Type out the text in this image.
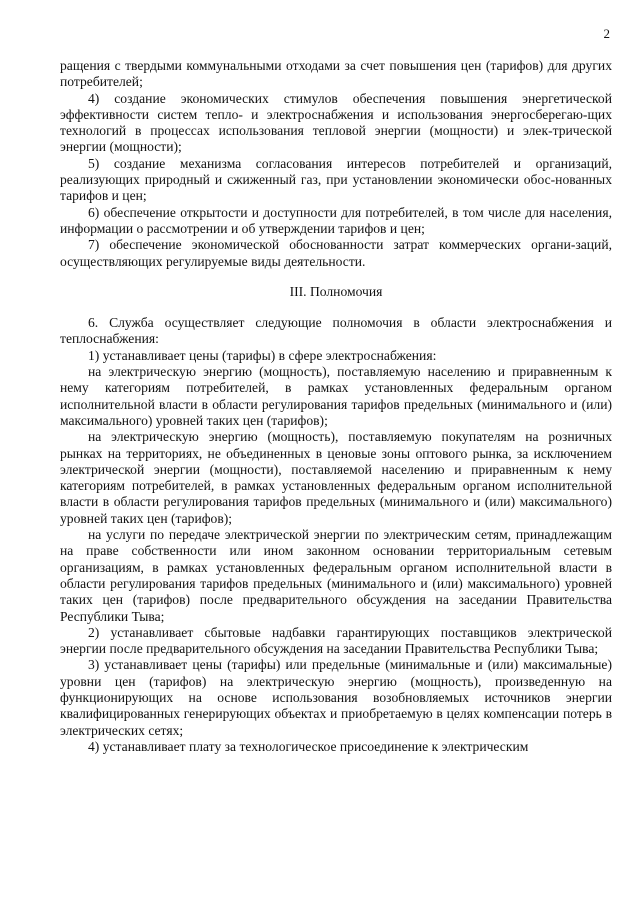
2

ращения с твердыми коммунальными отходами за счет повышения цен (тарифов) для других потребителей;

4) создание экономических стимулов обеспечения повышения энергетической эффективности систем тепло- и электроснабжения и использования энергосберегаю-щих технологий в процессах использования тепловой энергии (мощности) и элек-трической энергии (мощности);

5) создание механизма согласования интересов потребителей и организаций, реализующих природный и сжиженный газ, при установлении экономически обос-нованных тарифов и цен;

6) обеспечение открытости и доступности для потребителей, в том числе для населения, информации о рассмотрении и об утверждении тарифов и цен;

7) обеспечение экономической обоснованности затрат коммерческих органи-заций, осуществляющих регулируемые виды деятельности.

III. Полномочия

6. Служба осуществляет следующие полномочия в области электроснабжения и теплоснабжения:

1) устанавливает цены (тарифы) в сфере электроснабжения:

на электрическую энергию (мощность), поставляемую населению и приравненным к нему категориям потребителей, в рамках установленных федеральным органом исполнительной власти в области регулирования тарифов предельных (минимального и (или) максимального) уровней таких цен (тарифов);

на электрическую энергию (мощность), поставляемую покупателям на розничных рынках на территориях, не объединенных в ценовые зоны оптового рынка, за исключением электрической энергии (мощности), поставляемой населению и приравненным к нему категориям потребителей, в рамках установленных федеральным органом исполнительной власти в области регулирования тарифов предельных (минимального и (или) максимального) уровней таких цен (тарифов);

на услуги по передаче электрической энергии по электрическим сетям, принадлежащим на праве собственности или ином законном основании территориальным сетевым организациям, в рамках установленных федеральным органом исполнительной власти в области регулирования тарифов предельных (минимального и (или) максимального) уровней таких цен (тарифов) после предварительного обсуждения на заседании Правительства Республики Тыва;

2) устанавливает сбытовые надбавки гарантирующих поставщиков электрической энергии после предварительного обсуждения на заседании Правительства Республики Тыва;

3) устанавливает цены (тарифы) или предельные (минимальные и (или) максимальные) уровни цен (тарифов) на электрическую энергию (мощность), произведенную на функционирующих на основе использования возобновляемых источников энергии квалифицированных генерирующих объектах и приобретаемую в целях компенсации потерь в электрических сетях;

4) устанавливает плату за технологическое присоединение к электрическим
